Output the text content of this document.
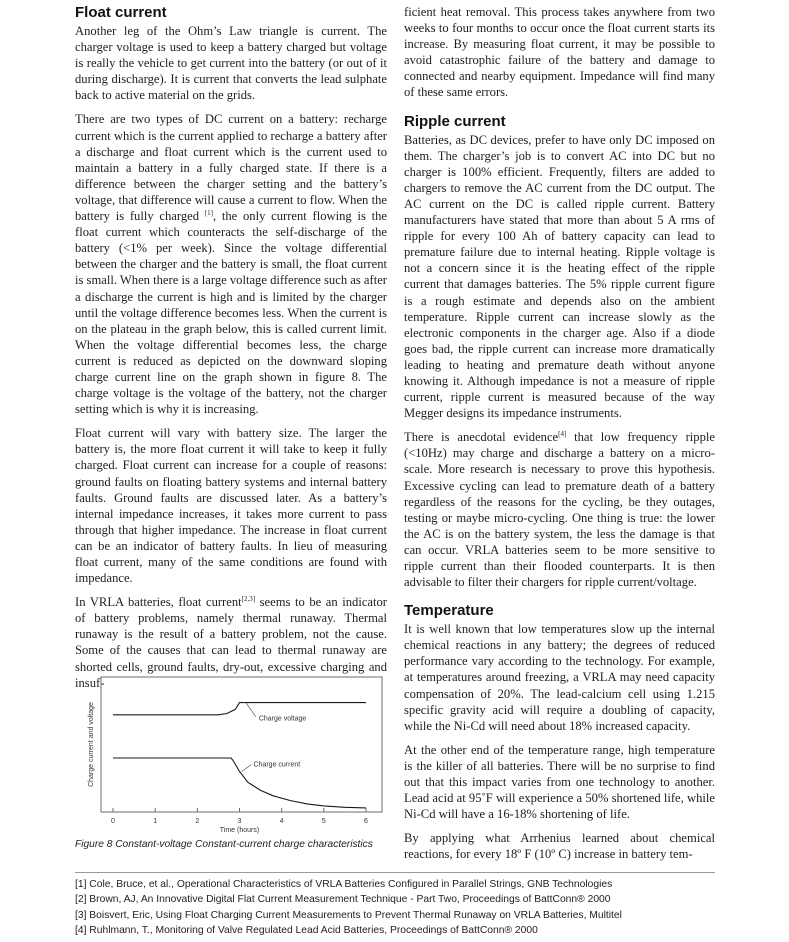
Float current

Another leg of the Ohm’s Law triangle is current. The charger voltage is used to keep a battery charged but voltage is really the vehicle to get current into the battery (or out of it during discharge). It is current that converts the lead sulphate back to active material on the grids.

There are two types of DC current on a battery: recharge current which is the current applied to recharge a battery after a discharge and float current which is the current used to maintain a battery in a fully charged state. If there is a difference between the charger setting and the battery’s voltage, that difference will cause a current to flow. When the battery is fully charged [1], the only current flowing is the float current which counteracts the self-discharge of the battery (<1% per week). Since the voltage differential between the charger and the battery is small, the float current is small. When there is a large voltage difference such as after a discharge the current is high and is limited by the charger until the voltage difference becomes less. When the current is on the plateau in the graph below, this is called current limit. When the voltage differential becomes less, the charge current is reduced as depicted on the downward sloping charge current line on the graph shown in figure 8. The charge voltage is the voltage of the battery, not the charger setting which is why it is increasing.

Float current will vary with battery size. The larger the battery is, the more float current it will take to keep it fully charged. Float current can increase for a couple of reasons: ground faults on floating battery systems and internal battery faults. Ground faults are discussed later. As a battery’s internal impedance increases, it takes more current to pass through that higher impedance. The increase in float current can be an indicator of battery faults. In lieu of measuring float current, many of the same conditions are found with impedance.

In VRLA batteries, float current[2,3] seems to be an indicator of battery problems, namely thermal runaway. Thermal runaway is the result of a battery problem, not the cause. Some of the causes that can lead to thermal runaway are shorted cells, ground faults, dry-out, excessive charging and insuf-

ficient heat removal. This process takes anywhere from two weeks to four months to occur once the float current starts its increase. By measuring float current, it may be possible to avoid catastrophic failure of the battery and damage to connected and nearby equipment. Impedance will find many of these same errors.

Ripple current

Batteries, as DC devices, prefer to have only DC imposed on them. The charger’s job is to convert AC into DC but no charger is 100% efficient. Frequently, filters are added to chargers to remove the AC current from the DC output. The AC current on the DC is called ripple current. Battery manufacturers have stated that more than about 5 A rms of ripple for every 100 Ah of battery capacity can lead to premature failure due to internal heating. Ripple voltage is not a concern since it is the heating effect of the ripple current that damages batteries. The 5% ripple current figure is a rough estimate and depends also on the ambient temperature. Ripple current can increase slowly as the electronic components in the charger age. Also if a diode goes bad, the ripple current can increase more dramatically leading to heating and premature death without anyone knowing it. Although impedance is not a measure of ripple current, ripple current is measured because of the way Megger designs its impedance instruments.

There is anecdotal evidence[4] that low frequency ripple (<10Hz) may charge and discharge a battery on a micro-scale. More research is necessary to prove this hypothesis. Excessive cycling can lead to premature death of a battery regardless of the reasons for the cycling, be they outages, testing or maybe micro-cycling. One thing is true: the lower the AC is on the battery system, the less the damage is that can occur. VRLA batteries seem to be more sensitive to ripple current than their flooded counterparts. It is then advisable to filter their chargers for ripple current/voltage.

Temperature

It is well known that low temperatures slow up the internal chemical reactions in any battery; the degrees of reduced performance vary according to the technology. For example, at temperatures around freezing, a VRLA may need capacity compensation of 20%. The lead-calcium cell using 1.215 specific gravity acid will require a doubling of capacity, while the Ni-Cd will need about 18% increased capacity.

At the other end of the temperature range, high temperature is the killer of all batteries. There will be no surprise to find out that this impact varies from one technology to another. Lead acid at 95˚F will experience a 50% shortened life, while Ni-Cd will have a 16-18% shortening of life.

By applying what Arrhenius learned about chemical reactions, for every 18º F (10º C) increase in battery tem-

0	1	2	3	4	5	6
Time (hours)
Charge current and voltage	Charge voltage
Charge current
Figure 8 Constant-voltage Constant-current charge characteristics
[1] Cole, Bruce, et al., Operational Characteristics of VRLA Batteries Configured in Parallel Strings, GNB Technologies
[2] Brown, AJ, An Innovative Digital Flat Current Measurement Technique - Part Two, Proceedings of BattConn® 2000
[3] Boisvert, Eric, Using Float Charging Current Measurements to Prevent Thermal Runaway on VRLA Batteries, Multitel
[4] Ruhlmann, T., Monitoring of Valve Regulated Lead Acid Batteries, Proceedings of BattConn® 2000
